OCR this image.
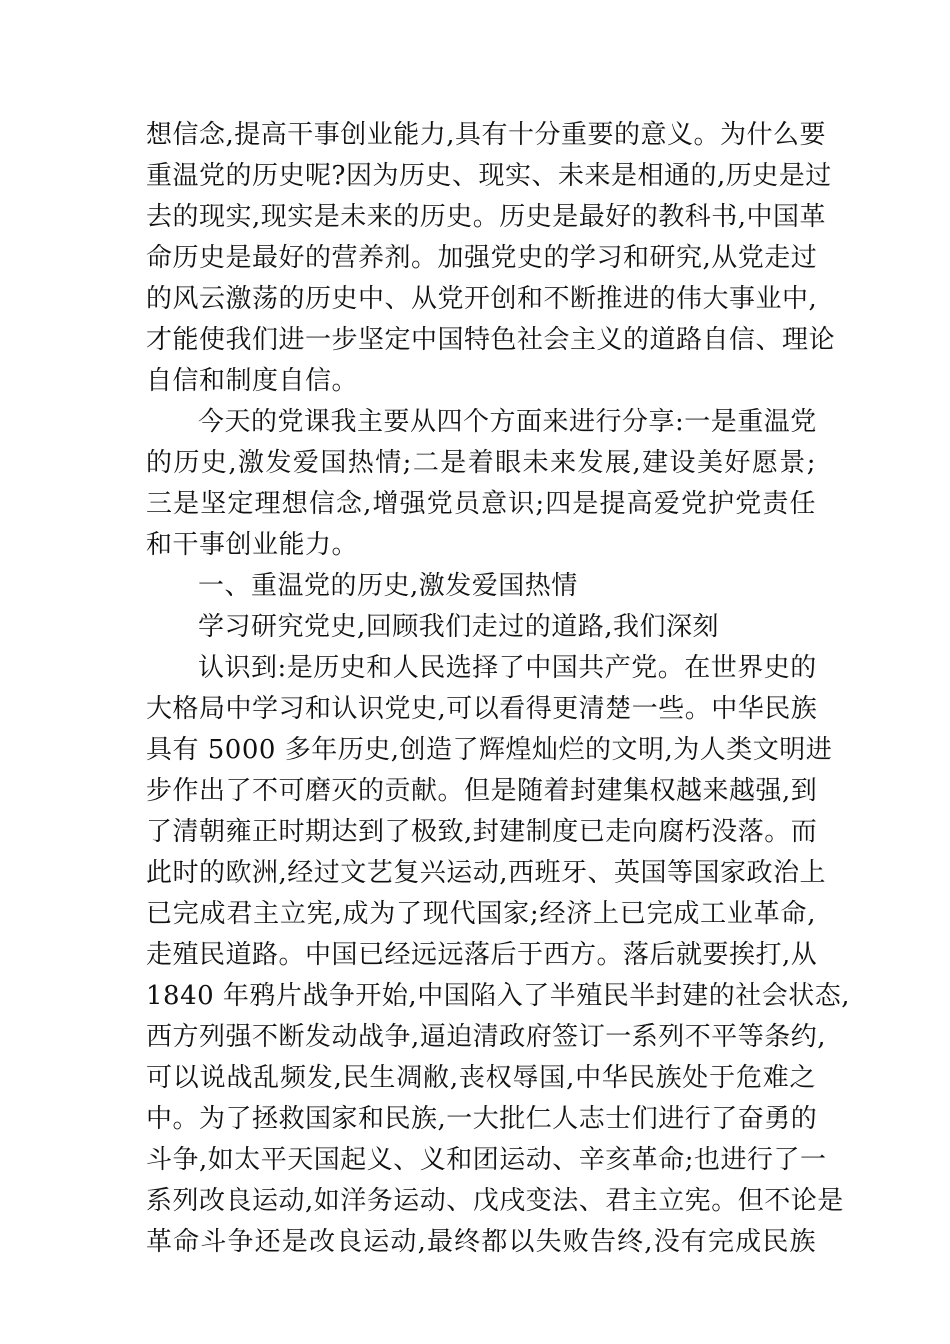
想信念,提高干事创业能力,具有十分重要的意义。为什么要
重温党的历史呢?因为历史、现实、未来是相通的,历史是过
去的现实,现实是未来的历史。历史是最好的教科书,中国革
命历史是最好的营养剂。加强党史的学习和研究,从党走过
的风云激荡的历史中、从党开创和不断推进的伟大事业中,
才能使我们进一步坚定中国特色社会主义的道路自信、理论
自信和制度自信。
今天的党课我主要从四个方面来进行分享:一是重温党
的历史,激发爱国热情;二是着眼未来发展,建设美好愿景;
三是坚定理想信念,增强党员意识;四是提高爱党护党责任
和干事创业能力。
一、重温党的历史,激发爱国热情
学习研究党史,回顾我们走过的道路,我们深刻
认识到:是历史和人民选择了中国共产党。在世界史的
大格局中学习和认识党史,可以看得更清楚一些。中华民族
具有 5000 多年历史,创造了辉煌灿烂的文明,为人类文明进
步作出了不可磨灭的贡献。但是随着封建集权越来越强,到
了清朝雍正时期达到了极致,封建制度已走向腐朽没落。而
此时的欧洲,经过文艺复兴运动,西班牙、英国等国家政治上
已完成君主立宪,成为了现代国家;经济上已完成工业革命,
走殖民道路。中国已经远远落后于西方。落后就要挨打,从
1840 年鸦片战争开始,中国陷入了半殖民半封建的社会状态,
西方列强不断发动战争,逼迫清政府签订一系列不平等条约,
可以说战乱频发,民生凋敝,丧权辱国,中华民族处于危难之
中。为了拯救国家和民族,一大批仁人志士们进行了奋勇的
斗争,如太平天国起义、义和团运动、辛亥革命;也进行了一
系列改良运动,如洋务运动、戊戌变法、君主立宪。但不论是
革命斗争还是改良运动,最终都以失败告终,没有完成民族
